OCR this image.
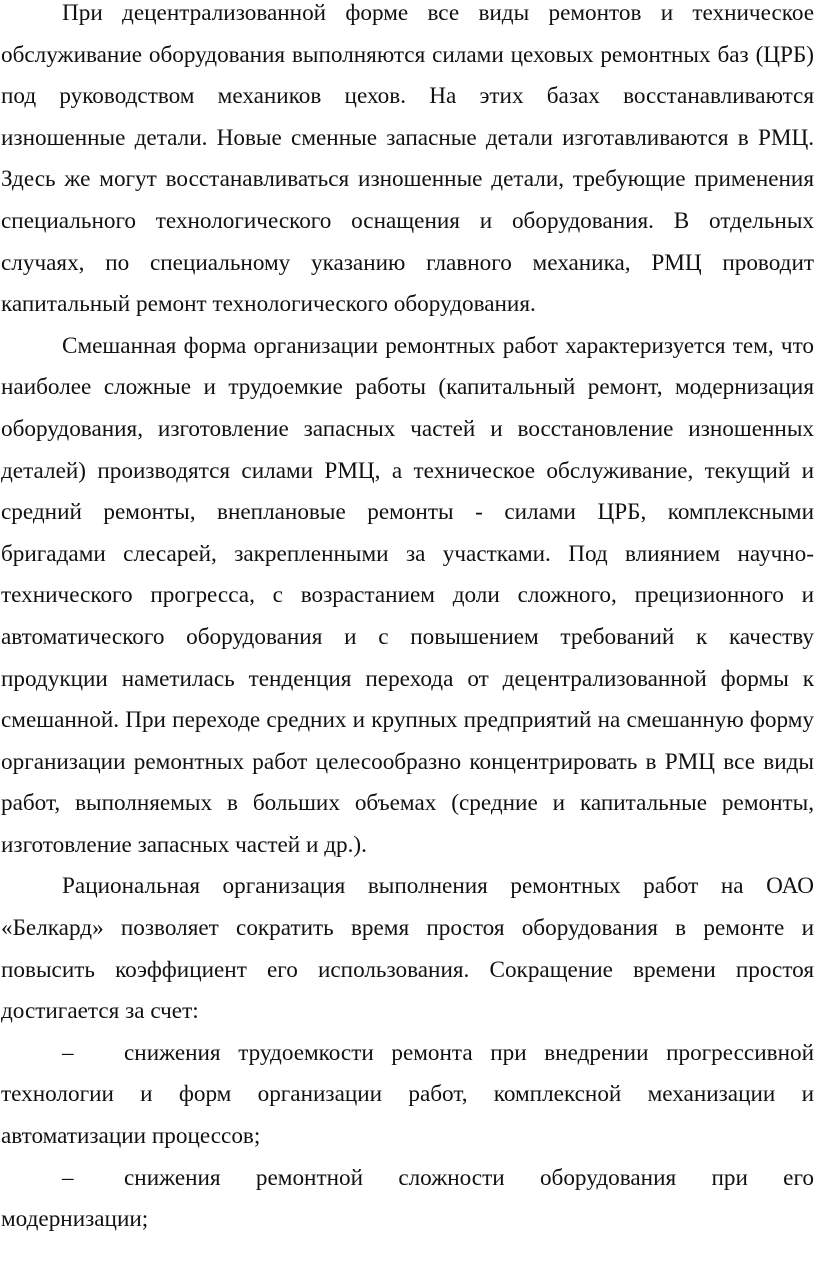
При децентрализованной форме все виды ремонтов и техническое обслуживание оборудования выполняются силами цеховых ремонтных баз (ЦРБ) под руководством механиков цехов. На этих базах восстанавливаются изношенные детали. Новые сменные запасные детали изготавливаются в РМЦ. Здесь же могут восстанавливаться изношенные детали, требующие применения специального технологического оснащения и оборудования. В отдельных случаях, по специальному указанию главного механика, РМЦ проводит капитальный ремонт технологического оборудования.

Смешанная форма организации ремонтных работ характеризуется тем, что наиболее сложные и трудоемкие работы (капитальный ремонт, модернизация оборудования, изготовление запасных частей и восстановление изношенных деталей) производятся силами РМЦ, а техническое обслуживание, текущий и средний ремонты, внеплановые ремонты - силами ЦРБ, комплексными бригадами слесарей, закрепленными за участками. Под влиянием научно-технического прогресса, с возрастанием доли сложного, прецизионного и автоматического оборудования и с повышением требований к качеству продукции наметилась тенденция перехода от децентрализованной формы к смешанной. При переходе средних и крупных предприятий на смешанную форму организации ремонтных работ целесообразно концентрировать в РМЦ все виды работ, выполняемых в больших объемах (средние и капитальные ремонты, изготовление запасных частей и др.).

Рациональная организация выполнения ремонтных работ на ОАО «Белкард» позволяет сократить время простоя оборудования в ремонте и повысить коэффициент его использования. Сокращение времени простоя достигается за счет:

– снижения трудоемкости ремонта при внедрении прогрессивной технологии и форм организации работ, комплексной механизации и автоматизации процессов;

– снижения ремонтной сложности оборудования при его модернизации;
